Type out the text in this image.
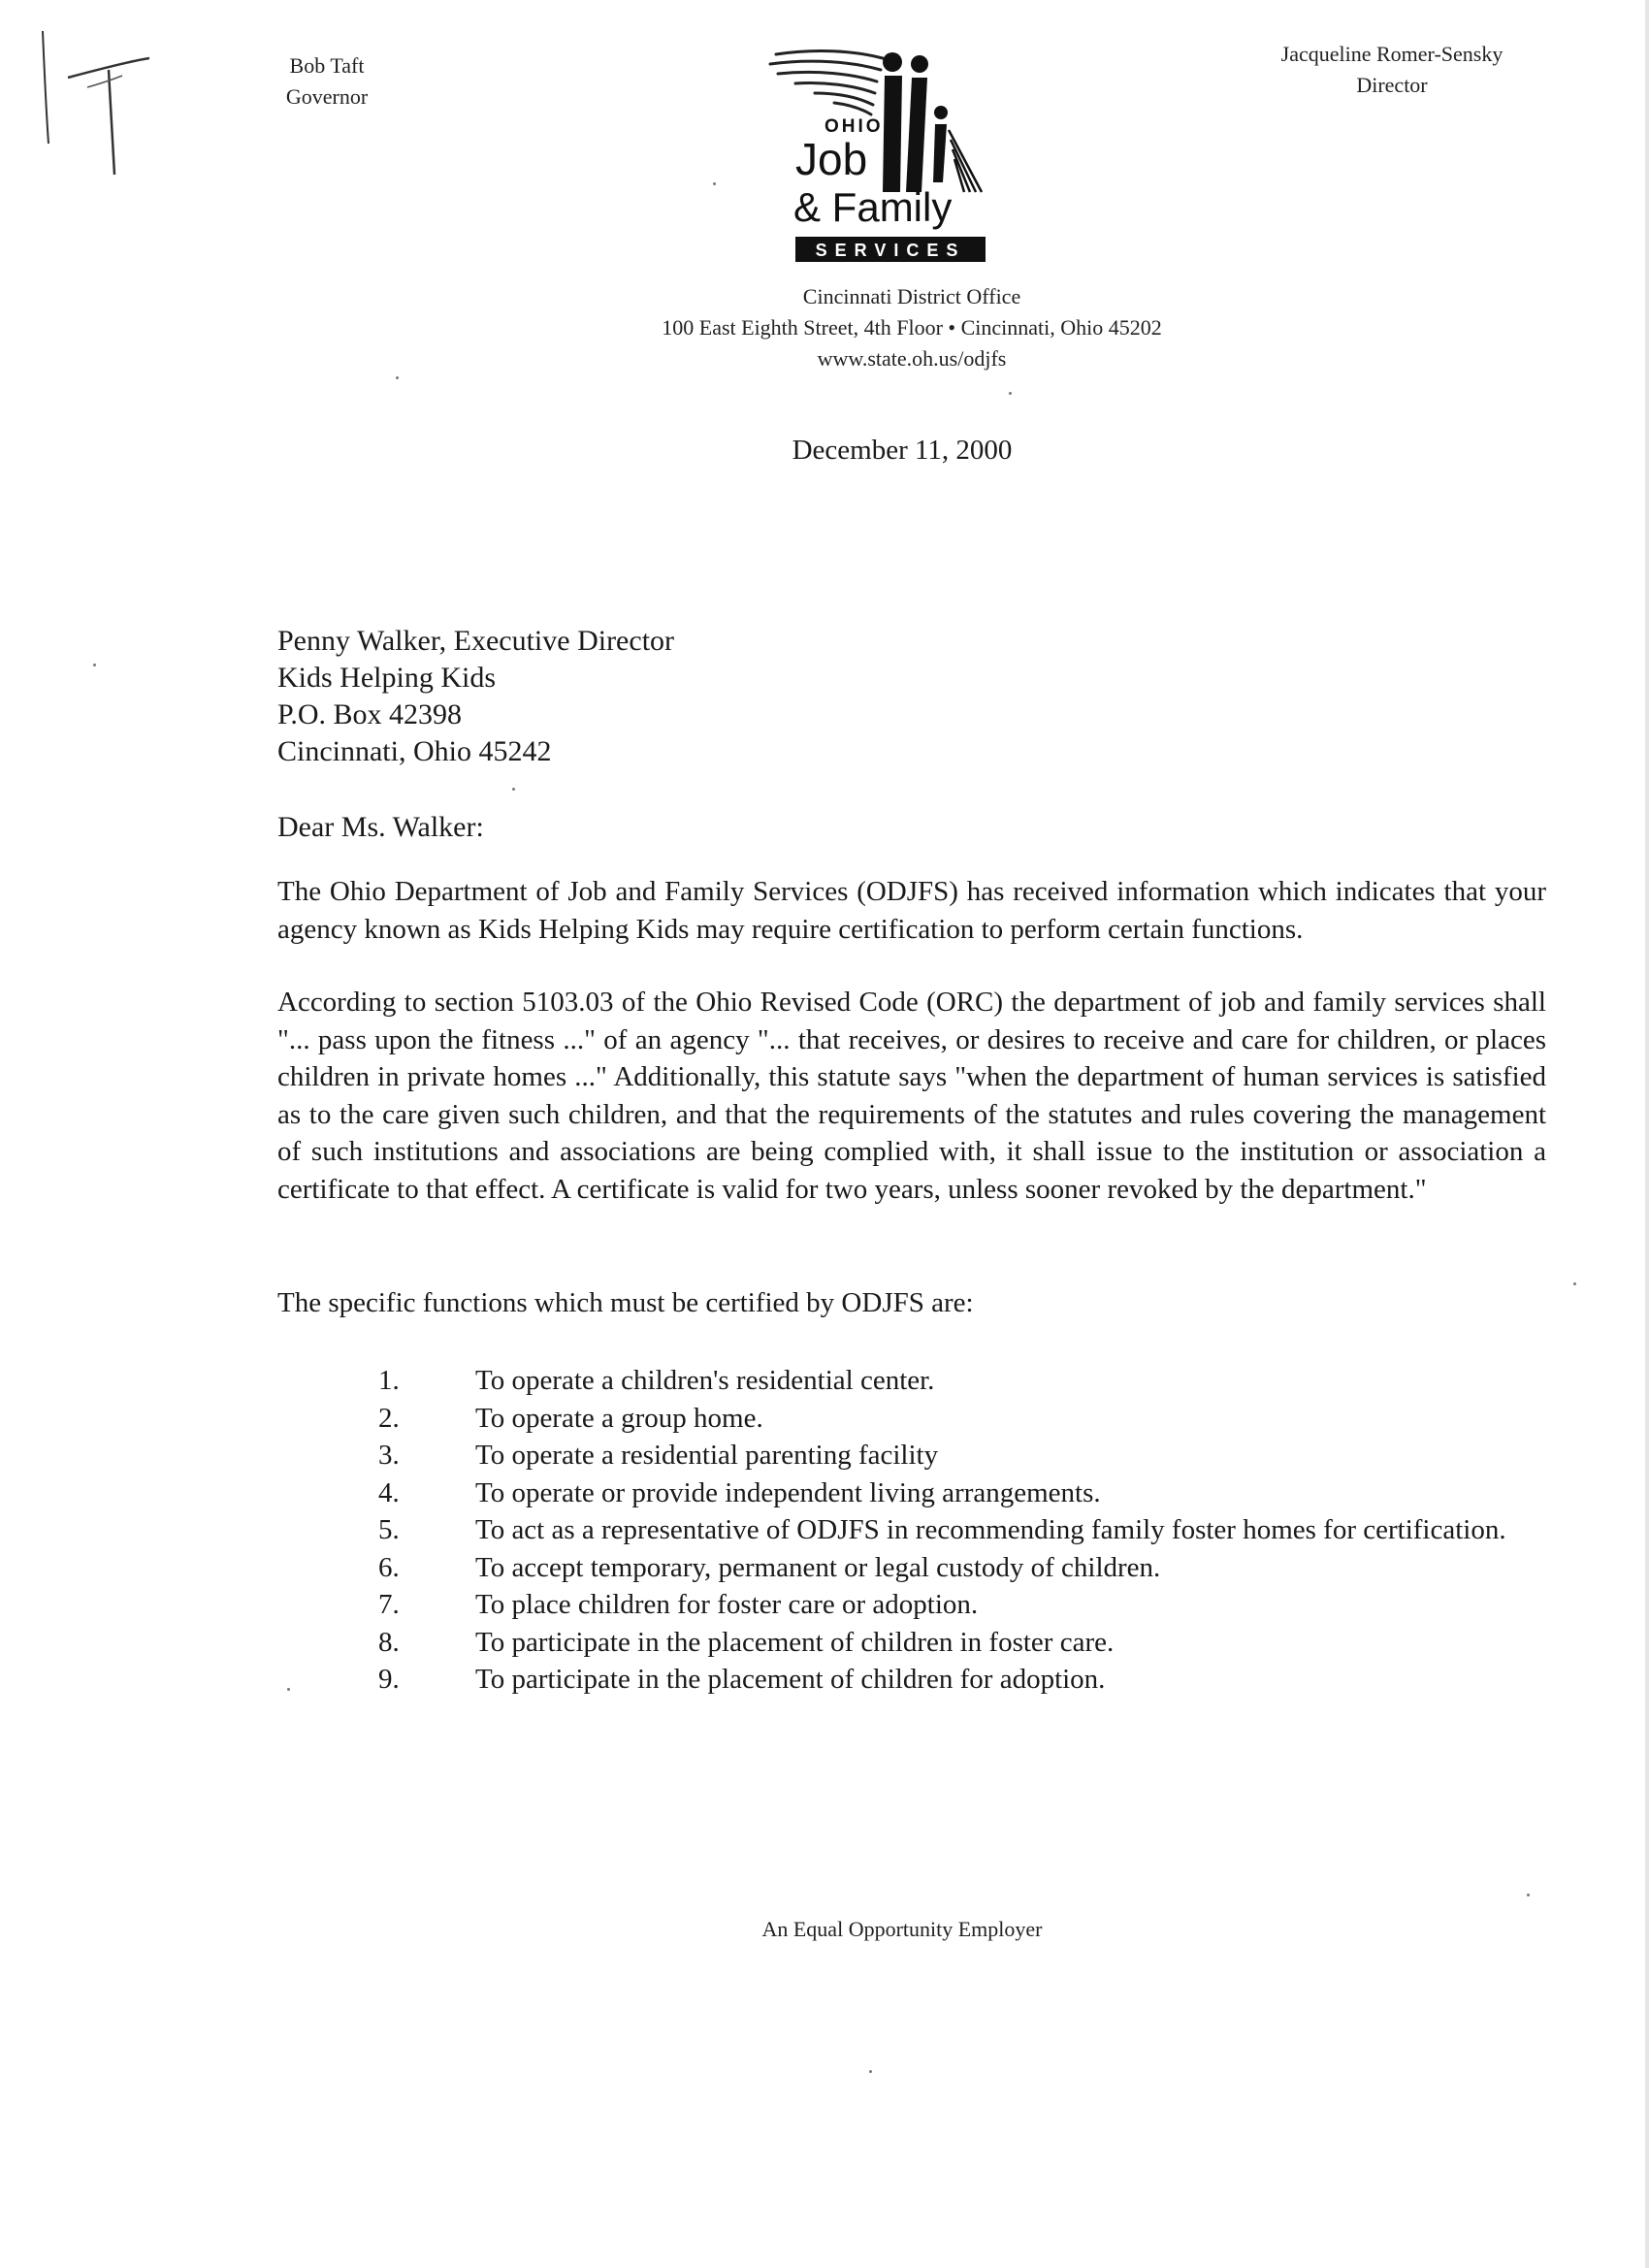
Bob Taft
Governor
Jacqueline Romer-Sensky
Director
OHIO
Job
& Family
SERVICES
Cincinnati District Office
100 East Eighth Street, 4th Floor • Cincinnati, Ohio 45202
www.state.oh.us/odjfs
December 11, 2000
Penny Walker, Executive Director
Kids Helping Kids
P.O. Box 42398
Cincinnati, Ohio 45242
Dear Ms. Walker:
The Ohio Department of Job and Family Services (ODJFS) has received information which indicates that your agency known as Kids Helping Kids may require certification to perform certain functions.
According to section 5103.03 of the Ohio Revised Code (ORC) the department of job and family services shall "... pass upon the fitness ..." of an agency "... that receives, or desires to receive and care for children, or places children in private homes ..." Additionally, this statute says "when the department of human services is satisfied as to the care given such children, and that the requirements of the statutes and rules covering the management of such institutions and associations are being complied with, it shall issue to the institution or association a certificate to that effect. A certificate is valid for two years, unless sooner revoked by the department."
The specific functions which must be certified by ODJFS are:
1.	To operate a children's residential center.
2.	To operate a group home.
3.	To operate a residential parenting facility
4.	To operate or provide independent living arrangements.
5.	To act as a representative of ODJFS in recommending family foster homes for certification.
6.	To accept temporary, permanent or legal custody of children.
7.	To place children for foster care or adoption.
8.	To participate in the placement of children in foster care.
9.	To participate in the placement of children for adoption.
An Equal Opportunity Employer
